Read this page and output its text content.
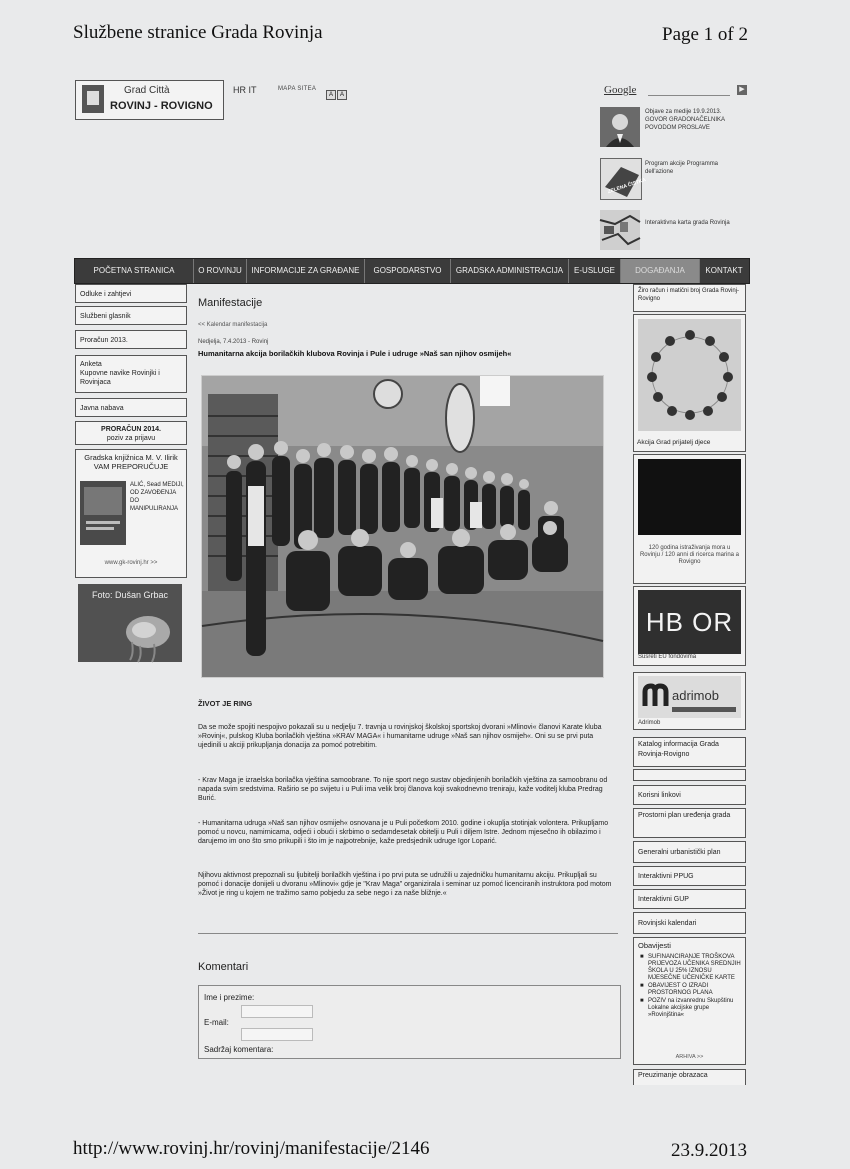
Službene stranice Grada Rovinja	Page 1 of 2
http://www.rovinj.hr/rovinj/manifestacije/2146	23.9.2013
Grad Città
ROVINJ - ROVIGNO
HR IT	MAPA SITEA
A A	Google	▶
Objave za medije 19.9.2013. GOVOR GRADONAČELNIKA POVODOM PROSLAVE
ZELENA ČISTKA
Program akcije Programma dell'azione
Interaktivna karta grada Rovinja
POČETNA STRANICA	O ROVINJU	INFORMACIJE ZA GRAĐANE	GOSPODARSTVO	GRADSKA ADMINISTRACIJA	E-USLUGE	DOGAĐANJA	KONTAKT
Odluke i zahtjevi
Službeni glasnik
Proračun 2013.
Anketa
Kupovne navike Rovinjki i Rovinjaca
Javna nabava
PRORAČUN 2014.
poziv za prijavu
Gradska knjižnica M. V. Ilirik VAM PREPORUČUJE
ALIĆ, Sead MEDIJI, OD ZAVOĐENJA DO MANIPULIRANJA
www.gk-rovinj.hr >>
Foto: Dušan Grbac
Manifestacije
<< Kalendar manifestacija
Nedjelja, 7.4.2013 - Rovinj
Humanitarna akcija borilačkih klubova Rovinja i Pule i udruge »Naš san njihov osmijeh«
ŽIVOT JE RING
Da se može spojiti nespojivo pokazali su u nedjelju 7. travnja u rovinjskoj školskoj sportskoj dvorani »Mlinovi« članovi Karate kluba »Rovinj«, pulskog Kluba borilačkih vještina »KRAV MAGA« i humanitarne udruge »Naš san njihov osmijeh«. Oni su se prvi puta ujedinili u akciji prikupljanja donacija za pomoć potrebitim.
- Krav Maga je izraelska borilačka vještina samoobrane. To nije sport nego sustav objedinjenih borilačkih vještina za samoobranu od napada svim sredstvima. Raširio se po svijetu i u Puli ima velik broj članova koji svakodnevno treniraju, kaže voditelj kluba Predrag Burić.
- Humanitarna udruga »Naš san njihov osmijeh« osnovana je u Puli početkom 2010. godine i okuplja stotinjak volontera. Prikupljamo pomoć u novcu, namirnicama, odjeći i obući i skrbimo o sedamdesetak obitelji u Puli i diljem Istre. Jednom mjesečno ih obilazimo i darujemo im ono što smo prikupili i što im je najpotrebnije, kaže predsjednik udruge Igor Loparić.
Njihovu aktivnost prepoznali su ljubitelji borilačkih vještina i po prvi puta se udružili u zajedničku humanitarnu akciju. Prikupljali su pomoć i donacije donijeli u dvoranu »Mlinovi« gdje je "Krav Maga" organizirala i seminar uz pomoć licenciranih instruktora pod motom »Život je ring u kojem ne tražimo samo pobjedu za sebe nego i za naše bližnje.«
Komentari
Ime i prezime:
E-mail:
Sadržaj komentara:
Žiro račun i matični broj Grada Rovinj-Rovigno
Akcija Grad prijatelj djece
120 godina istraživanja mora u Rovinju / 120 anni di ricerca marina a Rovigno
HB OR
Susreti EU fondovima
adrimob
Adrimob
Katalog informacija Grada Rovinja-Rovigno
Korisni linkovi
Prostorni plan uređenja grada
Generalni urbanistički plan
Interaktivni PPUG
Interaktivni GUP
Rovinjski kalendari
Obavijesti
■ SUFINANCIRANJE TROŠKOVA PRIJEVOZA UČENIKA SREDNJIH ŠKOLA U 25% IZNOSU MJESEČNE UČENIČKE KARTE
■ OBAVIJEST O IZRADI PROSTORNOG PLANA
■ POZIV na izvanrednu Skupštinu Lokalne akcijske grupe »Rovinjština«
ARHIVA >>
Preuzimanje obrazaca
